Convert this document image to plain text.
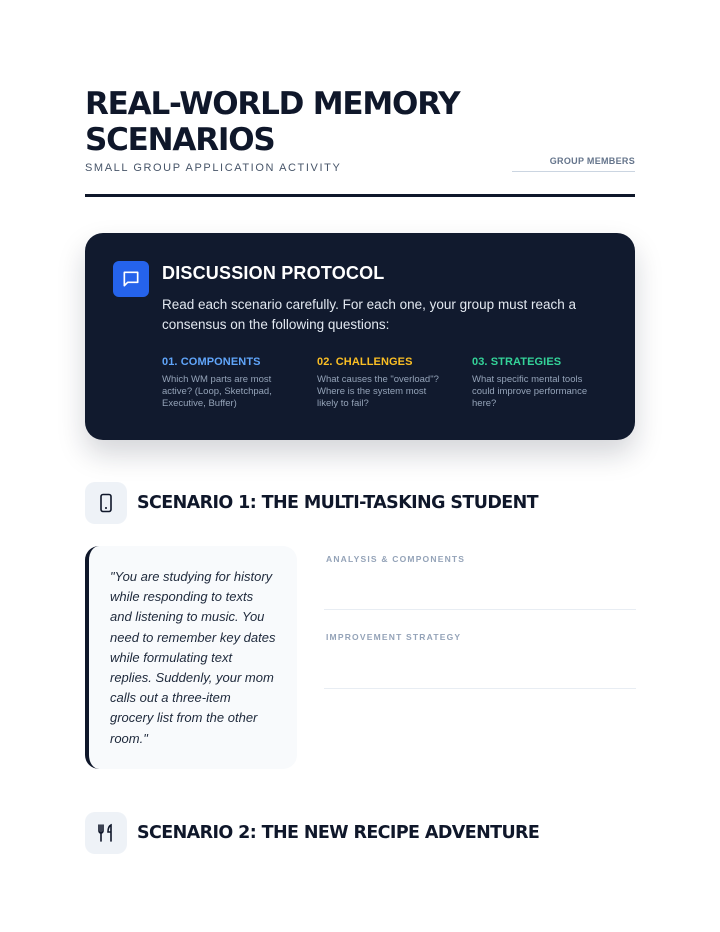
REAL-WORLD MEMORY SCENARIOS
SMALL GROUP APPLICATION ACTIVITY
GROUP MEMBERS
DISCUSSION PROTOCOL
Read each scenario carefully. For each one, your group must reach a consensus on the following questions:
01. COMPONENTS
Which WM parts are most active? (Loop, Sketchpad, Executive, Buffer)
02. CHALLENGES
What causes the "overload"? Where is the system most likely to fail?
03. STRATEGIES
What specific mental tools could improve performance here?
SCENARIO 1: THE MULTI-TASKING STUDENT

"You are studying for history while responding to texts and listening to music. You need to remember key dates while formulating text replies. Suddenly, your mom calls out a three-item grocery list from the other room."

ANALYSIS & COMPONENTS
IMPROVEMENT STRATEGY
SCENARIO 2: THE NEW RECIPE ADVENTURE
